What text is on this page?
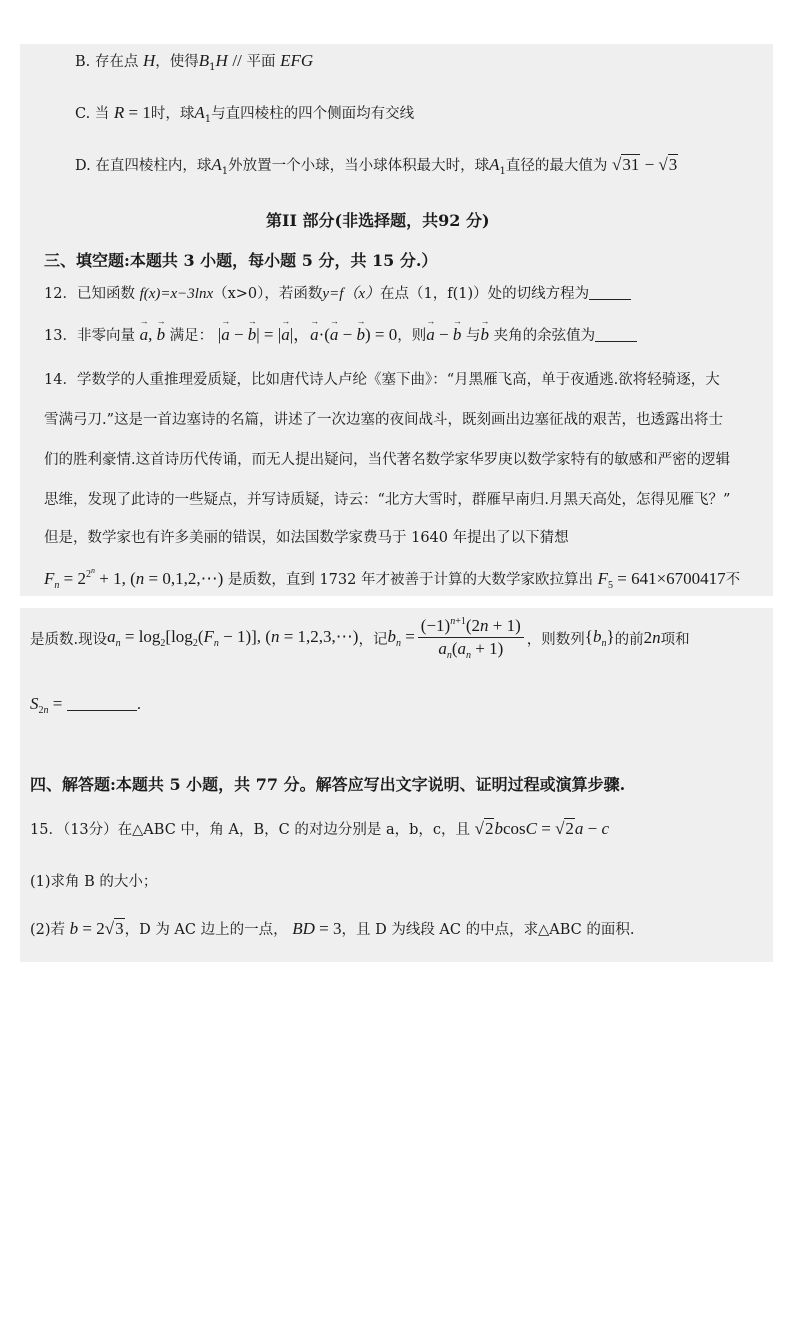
B. 存在点 H，使得$B_1H$ // 平面 EFG
C. 当 R = 1时，球$A_1$与直四棱柱的四个侧面均有交线
D. 在直四棱柱内，球$A_1$外放置一个小球，当小球体积最大时，球$A_1$直径的最大值为 √31 − √3
第II 部分(非选择题，共92 分)
三、填空题:本题共 3 小题，每小题 5 分，共 15 分.）
12．已知函数 f(x)=x−3lnx（x>0），若函数y=f（x）在点（1，f(1)）处的切线方程为
13．非零向量 a →, b → 满足： |a → − b →| = |a →|，a →·(a → − b →) = 0，则a → − b → 与b → 夹角的余弦值为
14．学数学的人重推理爱质疑，比如唐代诗人卢纶《塞下曲》：“月黑雁飞高，单于夜遁逃.欲将轻骑逐，大
雪满弓刀.”这是一首边塞诗的名篇，讲述了一次边塞的夜间战斗，既刻画出边塞征战的艰苦，也透露出将士
们的胜利豪情.这首诗历代传诵，而无人提出疑问，当代著名数学家华罗庚以数学家特有的敏感和严密的逻辑
思维，发现了此诗的一些疑点，并写诗质疑，诗云：“北方大雪时，群雁早南归.月黑天高处，怎得见雁飞？”
但是，数学家也有许多美丽的错误，如法国数学家费马于 1640 年提出了以下猜想
$F_n = 2^{2^n} + 1$, (n = 0,1,2,⋯) 是质数，直到 1732 年才被善于计算的大数学家欧拉算出 $F_5 = 641\times 6700417$不
是质数.现设 $a_n = \log_2[\log_2(F_n - 1)]$, (n = 1,2,3,⋯) ，记 $b_n = \frac{(-1)^{n+1}(2n + 1)}{a_n(a_n + 1)}$ ，则数列 $\{b_n\}$ 的前 2n 项和
$S_{2n}$ =	.
四、解答题:本题共 5 小题，共 77 分。解答应写出文字说明、证明过程或演算步骤.
15．（13分）在△ABC 中，角 A，B，C 的对边分别是 a，b，c，且 √2bcosC = √2a − c
(1)求角 B 的大小；
(2)若 b = 2√3，D 为 AC 边上的一点， BD = 3，且 D 为线段 AC 的中点，求△ABC 的面积.
